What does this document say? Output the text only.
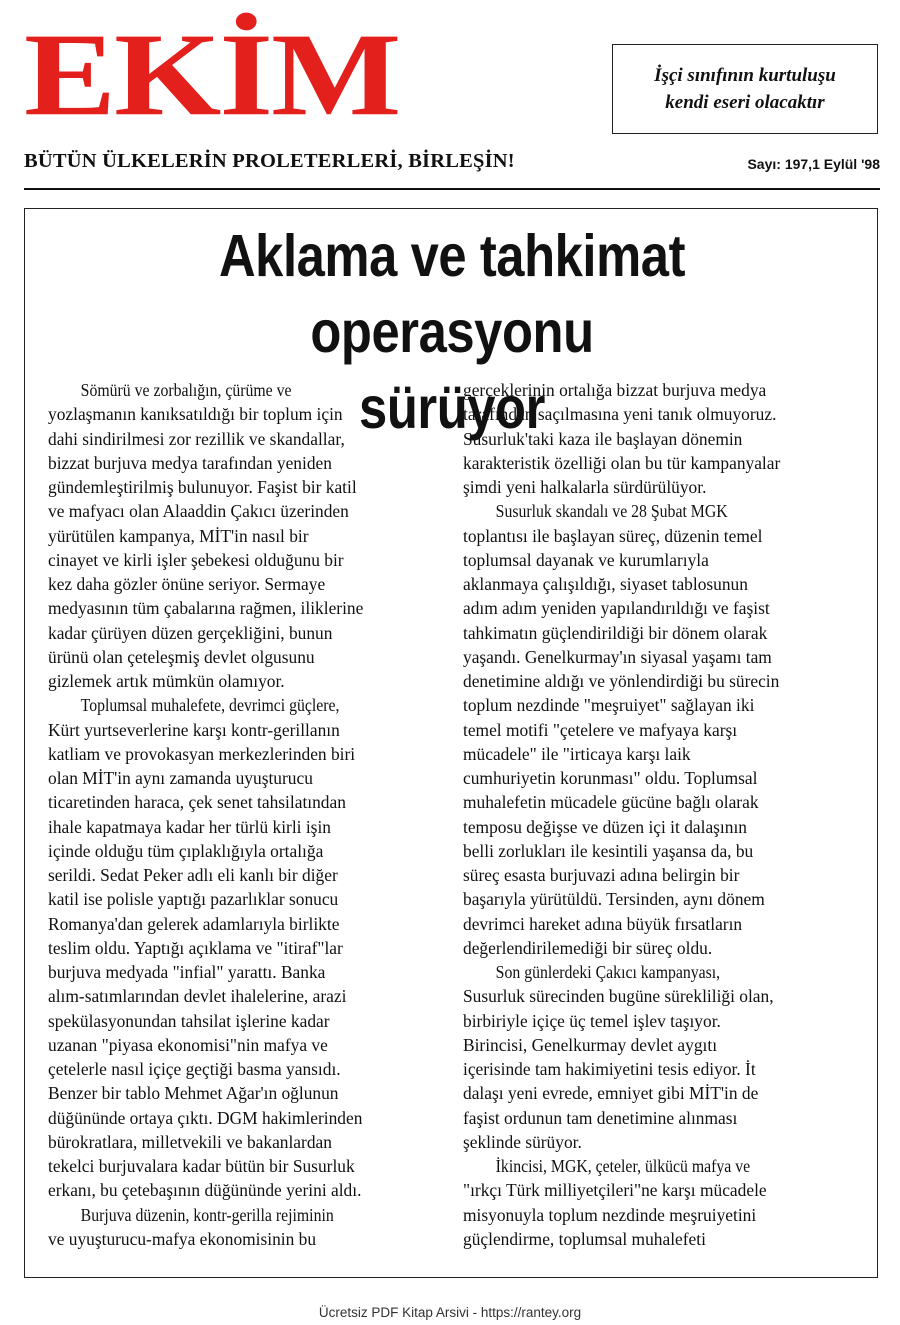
EKİM	İşçi sınıfının kurtuluşu
kendi eseri olacaktır
BÜTÜN ÜLKELERİN PROLETERLERİ, BİRLEŞİN!	Sayı: 197,1 Eylül '98
Aklama ve tahkimat operasyonu
sürüyor

Sömürü ve zorbalığın, çürüme ve
yozlaşmanın kanıksatıldığı bir toplum için
dahi sindirilmesi zor rezillik ve skandallar,
bizzat burjuva medya tarafından yeniden
gündemleştirilmiş bulunuyor. Faşist bir katil
ve mafyacı olan Alaaddin Çakıcı üzerinden
yürütülen kampanya, MİT'in nasıl bir
cinayet ve kirli işler şebekesi olduğunu bir
kez daha gözler önüne seriyor. Sermaye
medyasının tüm çabalarına rağmen, iliklerine
kadar çürüyen düzen gerçekliğini, bunun
ürünü olan çeteleşmiş devlet olgusunu
gizlemek artık mümkün olamıyor.

Toplumsal muhalefete, devrimci güçlere,
Kürt yurtseverlerine karşı kontr-gerillanın
katliam ve provokasyan merkezlerinden biri
olan MİT'in aynı zamanda uyuşturucu
ticaretinden haraca, çek senet tahsilatından
ihale kapatmaya kadar her türlü kirli işin
içinde olduğu tüm çıplaklığıyla ortalığa
serildi. Sedat Peker adlı eli kanlı bir diğer
katil ise polisle yaptığı pazarlıklar sonucu
Romanya'dan gelerek adamlarıyla birlikte
teslim oldu. Yaptığı açıklama ve "itiraf"lar
burjuva medyada "infial" yarattı. Banka
alım-satımlarından devlet ihalelerine, arazi
spekülasyonundan tahsilat işlerine kadar
uzanan "piyasa ekonomisi"nin mafya ve
çetelerle nasıl içiçe geçtiği basma yansıdı.
Benzer bir tablo Mehmet Ağar'ın oğlunun
düğününde ortaya çıktı. DGM hakimlerinden
bürokratlara, milletvekili ve bakanlardan
tekelci burjuvalara kadar bütün bir Susurluk
erkanı, bu çetebaşının düğününde yerini aldı.

Burjuva düzenin, kontr-gerilla rejiminin
ve uyuşturucu-mafya ekonomisinin bu

gerçeklerinin ortalığa bizzat burjuva medya
tarafından saçılmasına yeni tanık olmuyoruz.
Susurluk'taki kaza ile başlayan dönemin
karakteristik özelliği olan bu tür kampanyalar
şimdi yeni halkalarla sürdürülüyor.

Susurluk skandalı ve 28 Şubat MGK
toplantısı ile başlayan süreç, düzenin temel
toplumsal dayanak ve kurumlarıyla
aklanmaya çalışıldığı, siyaset tablosunun
adım adım yeniden yapılandırıldığı ve faşist
tahkimatın güçlendirildiği bir dönem olarak
yaşandı. Genelkurmay'ın siyasal yaşamı tam
denetimine aldığı ve yönlendirdiği bu sürecin
toplum nezdinde "meşruiyet" sağlayan iki
temel motifi "çetelere ve mafyaya karşı
mücadele" ile "irticaya karşı laik
cumhuriyetin korunması" oldu. Toplumsal
muhalefetin mücadele gücüne bağlı olarak
temposu değişse ve düzen içi it dalaşının
belli zorlukları ile kesintili yaşansa da, bu
süreç esasta burjuvazi adına belirgin bir
başarıyla yürütüldü. Tersinden, aynı dönem
devrimci hareket adına büyük fırsatların
değerlendirilemediği bir süreç oldu.

Son günlerdeki Çakıcı kampanyası,
Susurluk sürecinden bugüne sürekliliği olan,
birbiriyle içiçe üç temel işlev taşıyor.
Birincisi, Genelkurmay devlet aygıtı
içerisinde tam hakimiyetini tesis ediyor. İt
dalaşı yeni evrede, emniyet gibi MİT'in de
faşist ordunun tam denetimine alınması
şeklinde sürüyor.

İkincisi, MGK, çeteler, ülkücü mafya ve
"ırkçı Türk milliyetçileri"ne karşı mücadele
misyonuyla toplum nezdinde meşruiyetini
güçlendirme, toplumsal muhalefeti

Ücretsiz PDF Kitap Arsivi - https://rantey.org
